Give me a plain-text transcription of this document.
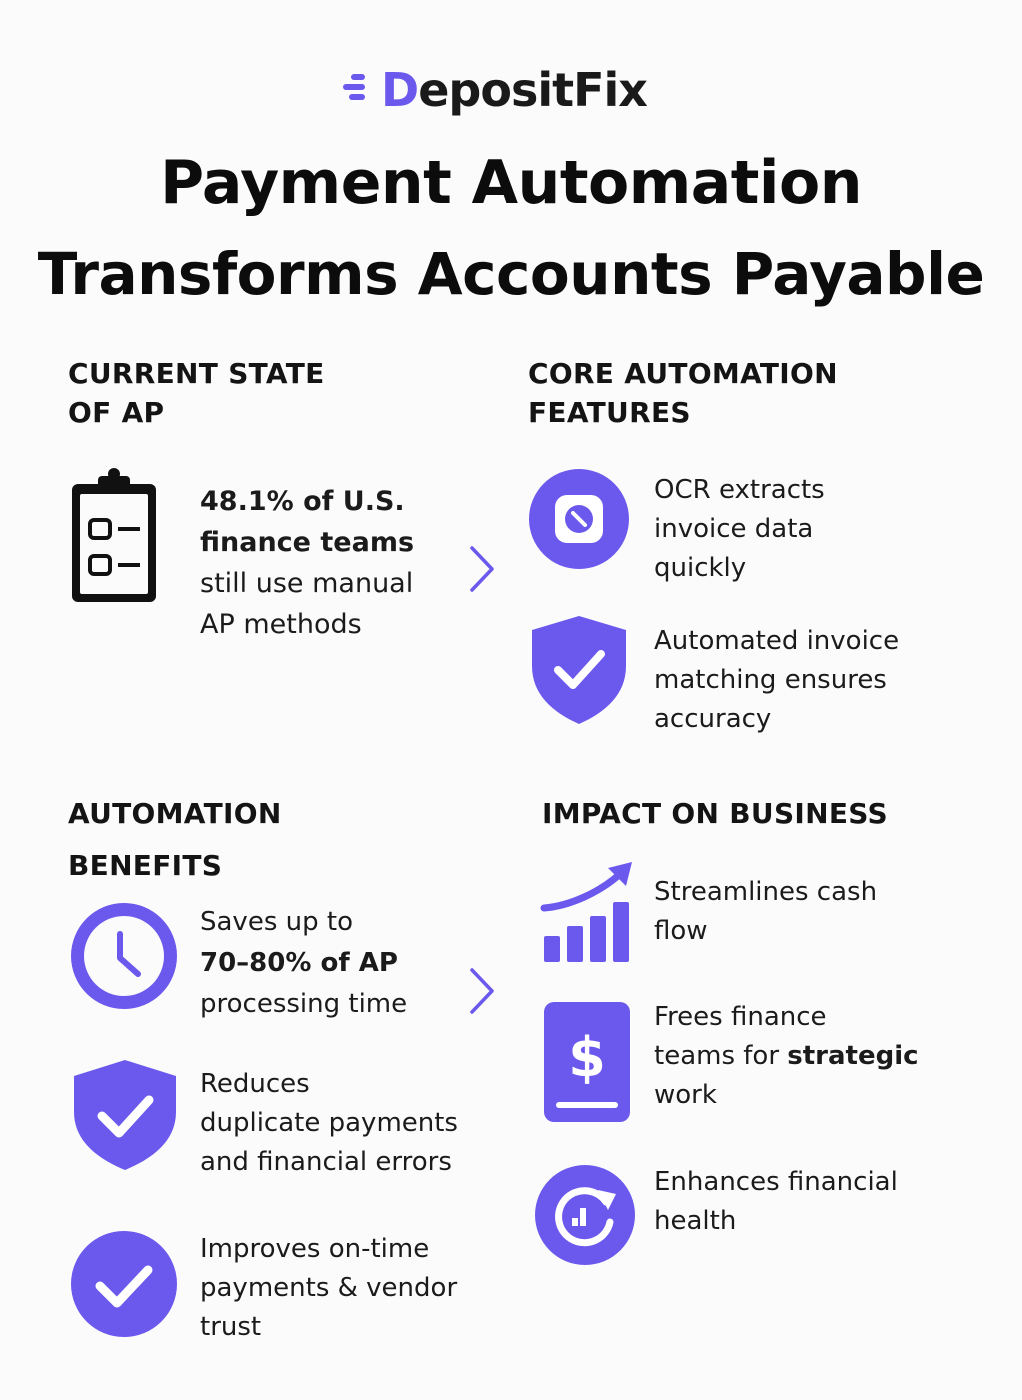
DepositFix
Payment Automation
Transforms Accounts Payable
CURRENT STATE
OF AP
48.1% of U.S.
finance teams
still use manual
AP methods
CORE AUTOMATION
FEATURES
OCR extracts
invoice data
quickly
Automated invoice
matching ensures
accuracy
AUTOMATION
BENEFITS
Saves up to
70–80% of AP
processing time
Reduces
duplicate payments
and financial errors
Improves on-time
payments & vendor
trust
IMPACT ON BUSINESS
Streamlines cash
flow
$
Frees finance
teams for strategic
work
Enhances financial
health
